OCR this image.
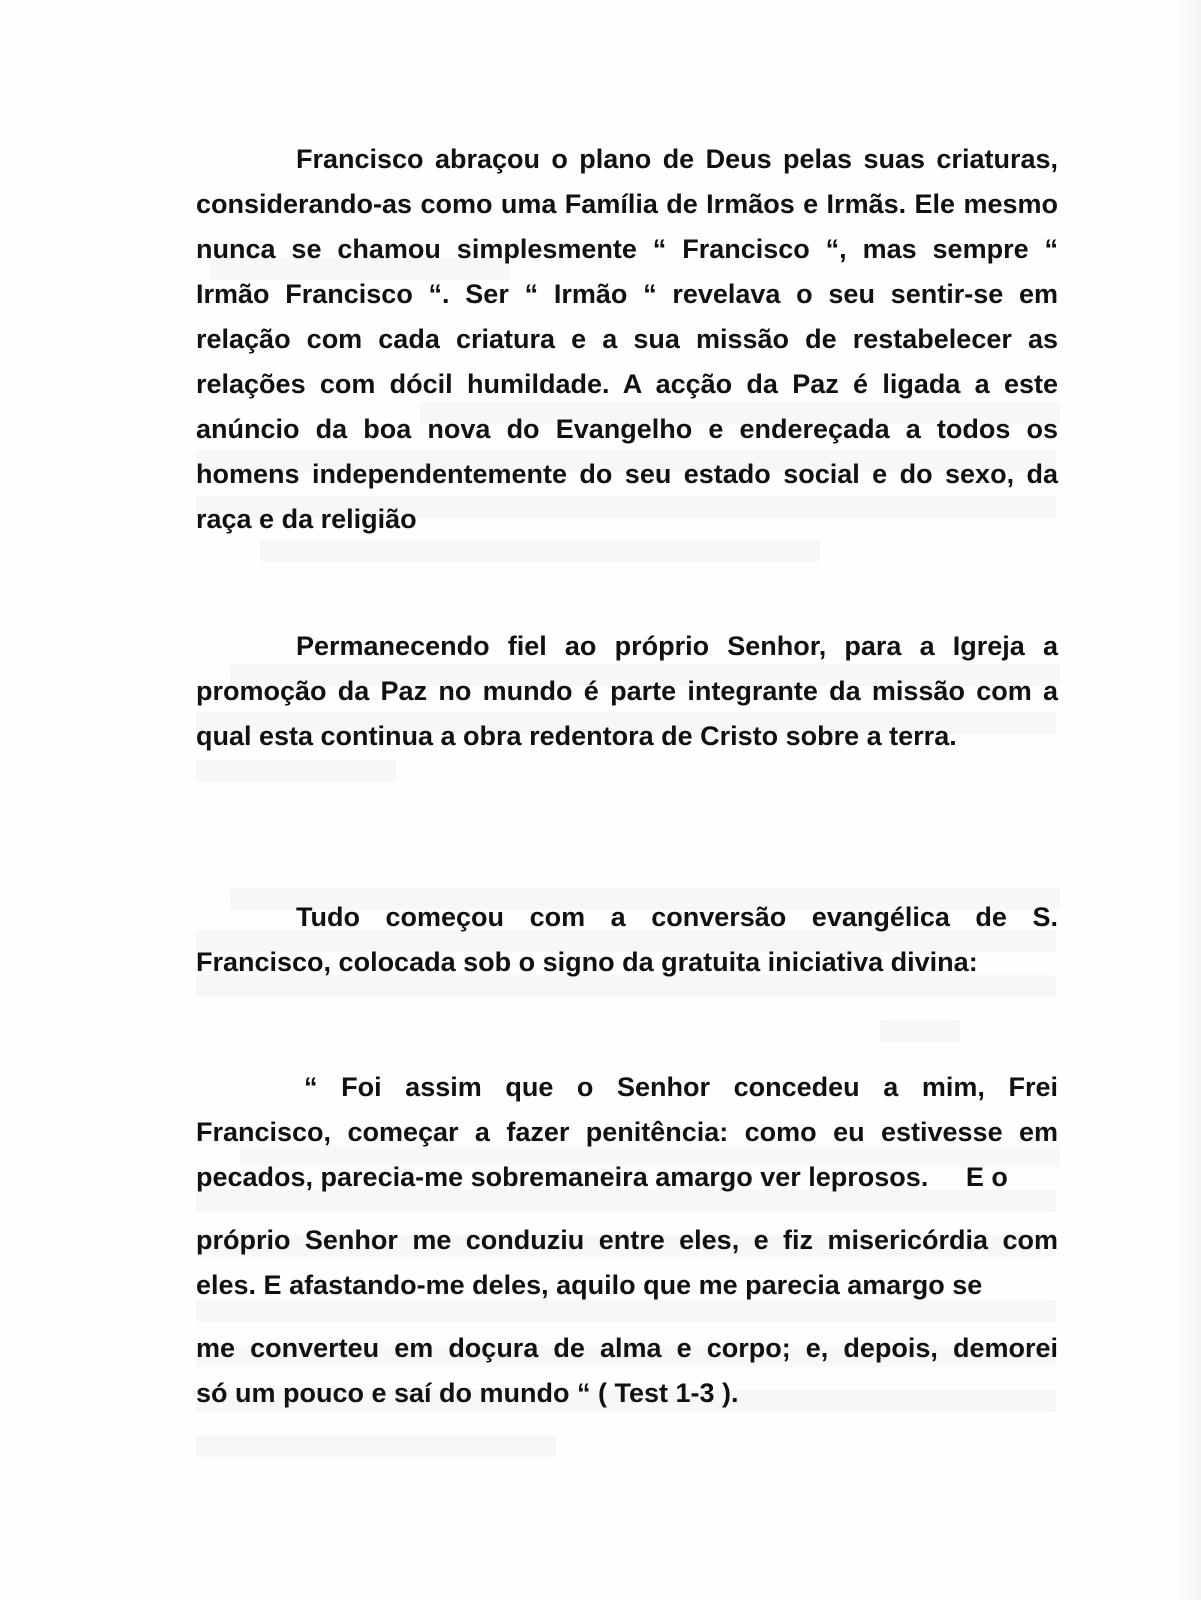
Francisco abraçou o plano de Deus pelas suas criaturas, considerando-as como uma Família de Irmãos e Irmãs. Ele mesmo nunca se chamou simplesmente “ Francisco “, mas sempre “ Irmão Francisco “. Ser “ Irmão “ revelava o seu sentir-se em relação com cada criatura e a sua missão de restabelecer as relações com dócil humildade. A acção da Paz é ligada a este anúncio da boa nova do Evangelho e endereçada a todos os homens independentemente do seu estado social e do sexo, da raça e da religião

Permanecendo fiel ao próprio Senhor, para a Igreja a promoção da Paz no mundo é parte integrante da missão com a qual esta continua a obra redentora de Cristo sobre a terra.

Tudo começou com a conversão evangélica de S. Francisco, colocada sob o signo da gratuita iniciativa divina:

“ Foi assim que o Senhor concedeu a mim, Frei
Francisco, começar a fazer penitência: como eu estivesse em
pecados, parecia-me sobremaneira amargo ver leprosos.     E o
próprio Senhor me conduziu entre eles, e fiz misericórdia com
eles. E afastando-me deles, aquilo que me parecia amargo se
me converteu em doçura de alma e corpo; e, depois, demorei
só um pouco e saí do mundo “ ( Test 1-3 ).
